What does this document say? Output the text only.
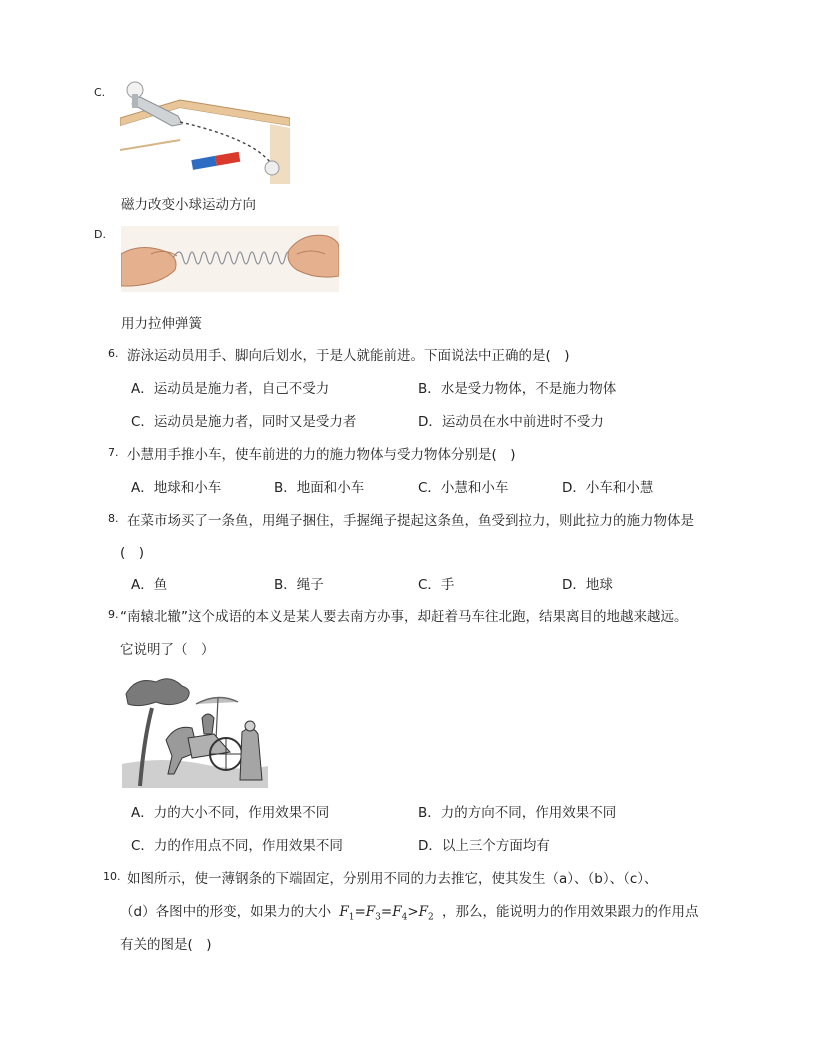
C.
磁力改变小球运动方向
D.
用力拉伸弹簧
6. 游泳运动员用手、脚向后划水，于是人就能前进。下面说法中正确的是(　)
A．运动员是施力者，自己不受力	B．水是受力物体，不是施力物体
C．运动员是施力者，同时又是受力者	D．运动员在水中前进时不受力
7. 小慧用手推小车，使车前进的力的施力物体与受力物体分别是(　)
A．地球和小车	B．地面和小车	C．小慧和小车	D．小车和小慧
8. 在菜市场买了一条鱼，用绳子捆住，手握绳子提起这条鱼，鱼受到拉力，则此拉力的施力物体是
(　)
A．鱼	B．绳子	C．手	D．地球
9. “南辕北辙”这个成语的本义是某人要去南方办事，却赶着马车往北跑，结果离目的地越来越远。
它说明了（　）
A．力的大小不同，作用效果不同	B．力的方向不同，作用效果不同
C．力的作用点不同，作用效果不同	D．以上三个方面均有
10. 如图所示，使一薄钢条的下端固定，分别用不同的力去推它，使其发生（a）、（b）、（c）、
（d）各图中的形变，如果力的大小 $F_1=F_3=F_4>F_2$ ，那么，能说明力的作用效果跟力的作用点
有关的图是(　)
